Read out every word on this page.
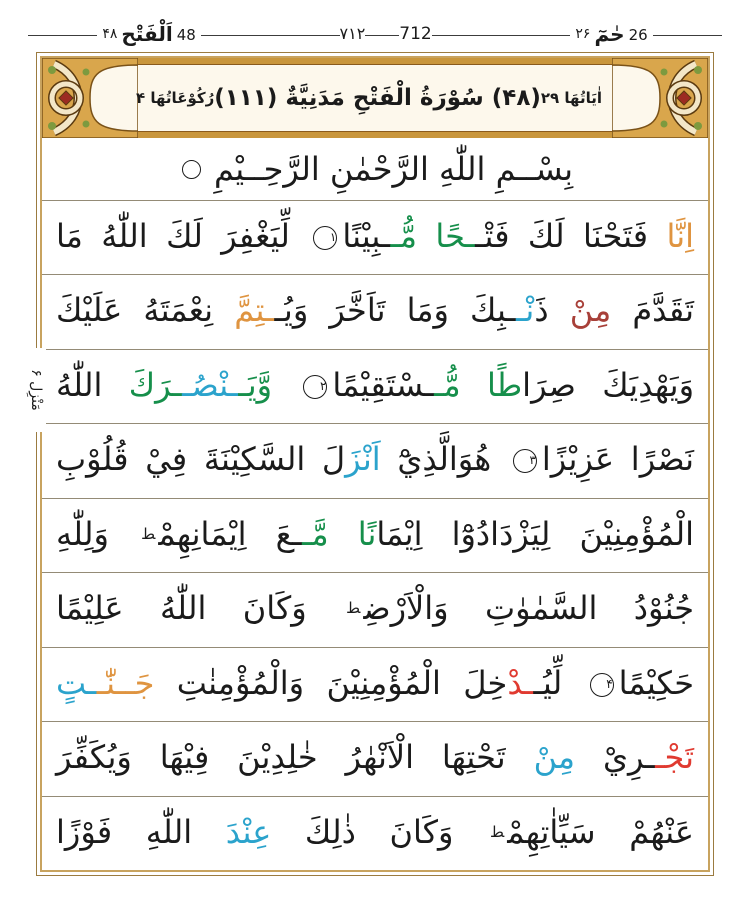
۴۸ اَلْفَتْح 48	۷۱۲ 712	۲۶ حٰمٓ 26
اٰيَاتُهَا ۲۹
(۴۸) سُوْرَةُ الْفَتْحِ مَدَنِيَّةٌ (۱۱۱)
رُكُوْعَاتُهَا ۴
بِسْــمِ اللّٰهِ الرَّحْمٰنِ الرَّحِــيْمِ
اِنَّا فَتَحْنَا لَكَ فَتْــحًا مُّــبِيْنًا۱ لِّيَغْفِرَ لَكَ اللّٰهُ مَا
تَقَدَّمَ مِنْ ذَنْــبِكَ وَمَا تَاَخَّرَ وَيُــتِمَّ نِعْمَتَهُ عَلَيْكَ
وَيَهْدِيَكَ صِرَاطًا مُّــسْتَقِيْمًا۲ وَّيَــنْصُــرَكَ اللّٰهُ
نَصْرًا عَزِيْزًا۳ هُوَالَّذِيْٓ اَنْزَلَ السَّكِيْنَةَ فِيْ قُلُوْبِ
الْمُؤْمِنِيْنَ لِيَزْدَادُوْٓا اِيْمَانًا مَّــعَ اِيْمَانِهِمْط وَلِلّٰهِ
جُنُوْدُ السَّمٰوٰتِ وَالْاَرْضِط وَكَانَ اللّٰهُ عَلِيْمًا
حَكِيْمًا۴ لِّيُــدْخِلَ الْمُؤْمِنِيْنَ وَالْمُؤْمِنٰتِ جَــنّٰــتٍ
تَجْــرِيْ مِنْ تَحْتِهَا الْاَنْهٰرُ خٰلِدِيْنَ فِيْهَا وَيُكَفِّرَ
عَنْهُمْ سَيِّاٰتِهِمْط وَكَانَ ذٰلِكَ عِنْدَ اللّٰهِ فَوْزًا
مَنْزِل ۶
